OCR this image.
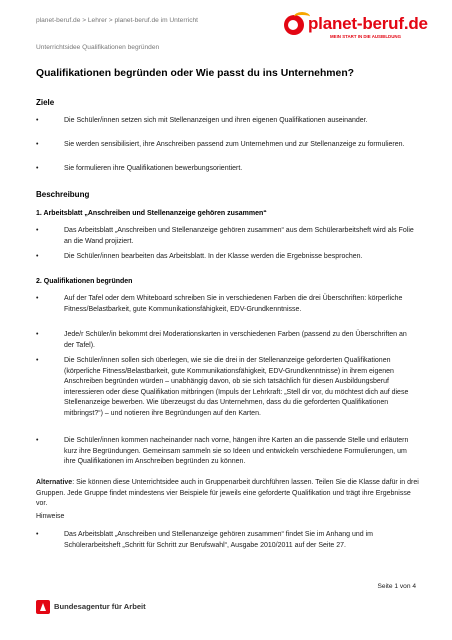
planet-beruf.de > Lehrer > planet-beruf.de im Unterricht
Unterrichtsidee Qualifikationen begründen
planet-beruf.de
MEIN START IN DIE AUSBILDUNG
Qualifikationen begründen oder Wie passt du ins Unternehmen?
Ziele
•	Die Schüler/innen setzen sich mit Stellenanzeigen und ihren eigenen Qualifikationen auseinander.
•	Sie werden sensibilisiert, ihre Anschreiben passend zum Unternehmen und zur Stellenanzeige zu formulieren.
•	Sie formulieren ihre Qualifikationen bewerbungsorientiert.
Beschreibung
1. Arbeitsblatt „Anschreiben und Stellenanzeige gehören zusammen“
•	Das Arbeitsblatt „Anschreiben und Stellenanzeige gehören zusammen“ aus dem Schülerarbeitsheft wird als Folie an die Wand projiziert.
•	Die Schüler/innen bearbeiten das Arbeitsblatt. In der Klasse werden die Ergebnisse besprochen.
2. Qualifikationen begründen
•	Auf der Tafel oder dem Whiteboard schreiben Sie in verschiedenen Farben die drei Überschriften: körperliche Fitness/Belastbarkeit, gute Kommunikationsfähigkeit, EDV-Grundkenntnisse.
•	Jede/r Schüler/in bekommt drei Moderationskarten in verschiedenen Farben (passend zu den Überschriften an der Tafel).
•	Die Schüler/innen sollen sich überlegen, wie sie die drei in der Stellenanzeige geforderten Qualifikationen (körperliche Fitness/Belastbarkeit, gute Kommunikationsfähigkeit, EDV-Grundkenntnisse) in ihrem eigenen Anschreiben begründen würden – unabhängig davon, ob sie sich tatsächlich für diesen Ausbildungsberuf interessieren oder diese Qualifikation mitbringen (Impuls der Lehrkraft: „Stell dir vor, du möchtest dich auf diese Stellenanzeige bewerben. Wie überzeugst du das Unternehmen, dass du die geforderten Qualifikationen mitbringst?“) – und notieren ihre Begründungen auf den Karten.
•	Die Schüler/innen kommen nacheinander nach vorne, hängen ihre Karten an die passende Stelle und erläutern kurz ihre Begründungen. Gemeinsam sammeln sie so Ideen und entwickeln verschiedene Formulierungen, um ihre Qualifikationen im Anschreiben begründen zu können.
Alternative: Sie können diese Unterrichtsidee auch in Gruppenarbeit durchführen lassen. Teilen Sie die Klasse dafür in drei Gruppen. Jede Gruppe findet mindestens vier Beispiele für jeweils eine geforderte Qualifikation und trägt ihre Ergebnisse vor.
Hinweise
•	Das Arbeitsblatt „Anschreiben und Stellenanzeige gehören zusammen“ findet Sie im Anhang und im Schülerarbeitsheft „Schritt für Schritt zur Berufswahl“, Ausgabe 2010/2011 auf der Seite 27.
Seite 1 von 4
Bundesagentur für Arbeit
